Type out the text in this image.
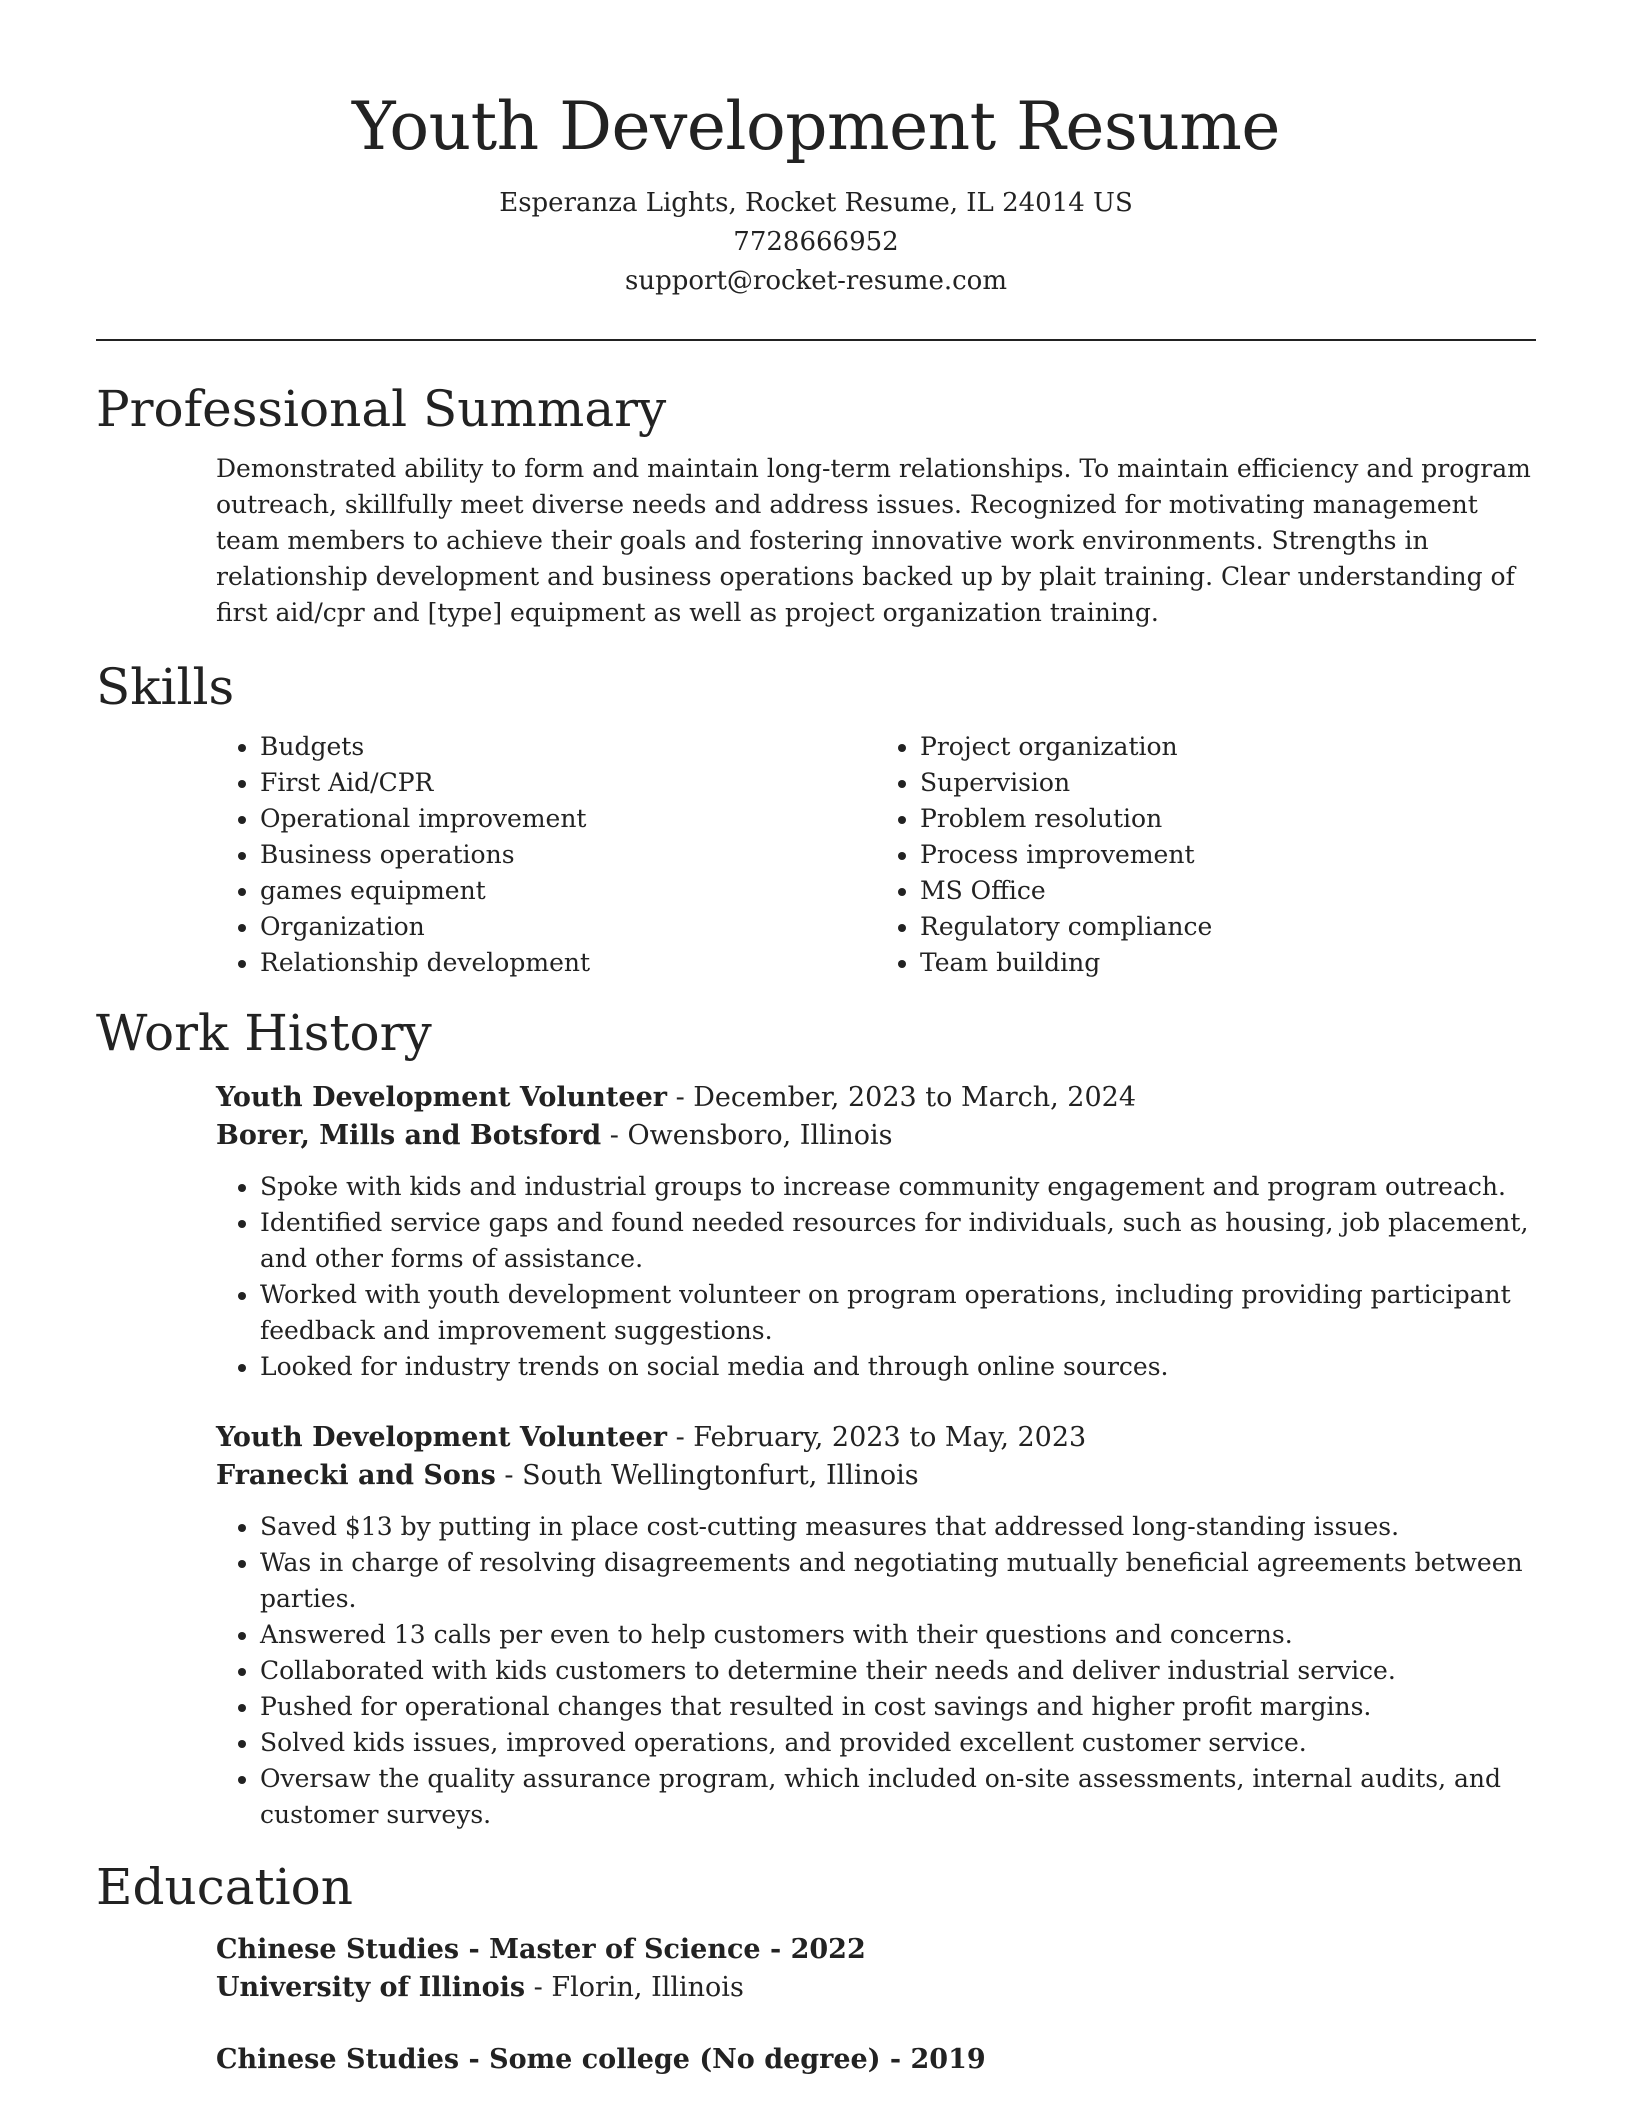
Youth Development Resume
Esperanza Lights, Rocket Resume, IL 24014 US
7728666952
support@rocket-resume.com
Professional Summary
Demonstrated ability to form and maintain long-term relationships. To maintain efficiency and program outreach, skillfully meet diverse needs and address issues. Recognized for motivating management team members to achieve their goals and fostering innovative work environments. Strengths in relationship development and business operations backed up by plait training. Clear understanding of first aid/cpr and [type] equipment as well as project organization training.
Skills
• Budgets
• First Aid/CPR
• Operational improvement
• Business operations
• games equipment
• Organization
• Relationship development
• Project organization
• Supervision
• Problem resolution
• Process improvement
• MS Office
• Regulatory compliance
• Team building
Work History
Youth Development Volunteer - December, 2023 to March, 2024
Borer, Mills and Botsford - Owensboro, Illinois
• Spoke with kids and industrial groups to increase community engagement and program outreach.
• Identified service gaps and found needed resources for individuals, such as housing, job placement, and other forms of assistance.
• Worked with youth development volunteer on program operations, including providing participant feedback and improvement suggestions.
• Looked for industry trends on social media and through online sources.
Youth Development Volunteer - February, 2023 to May, 2023
Franecki and Sons - South Wellingtonfurt, Illinois
• Saved $13 by putting in place cost-cutting measures that addressed long-standing issues.
• Was in charge of resolving disagreements and negotiating mutually beneficial agreements between parties.
• Answered 13 calls per even to help customers with their questions and concerns.
• Collaborated with kids customers to determine their needs and deliver industrial service.
• Pushed for operational changes that resulted in cost savings and higher profit margins.
• Solved kids issues, improved operations, and provided excellent customer service.
• Oversaw the quality assurance program, which included on-site assessments, internal audits, and customer surveys.
Education
Chinese Studies - Master of Science - 2022
University of Illinois - Florin, Illinois
Chinese Studies - Some college (No degree) - 2019
